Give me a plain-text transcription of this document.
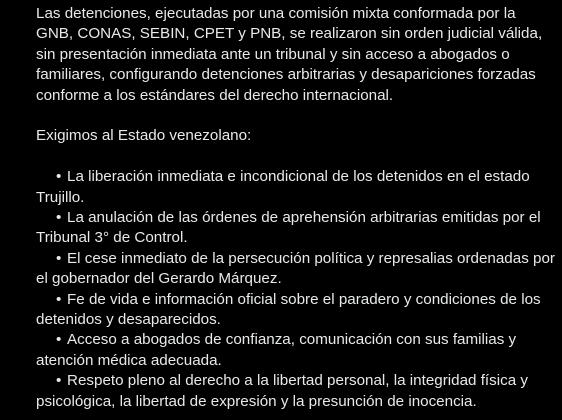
Las detenciones, ejecutadas por una comisión mixta conformada por la
GNB, CONAS, SEBIN, CPET y PNB, se realizaron sin orden judicial válida,
sin presentación inmediata ante un tribunal y sin acceso a abogados o
familiares, configurando detenciones arbitrarias y desapariciones forzadas
conforme a los estándares del derecho internacional.
Exigimos al Estado venezolano:
• La liberación inmediata e incondicional de los detenidos en el estado
Trujillo.
• La anulación de las órdenes de aprehensión arbitrarias emitidas por el
Tribunal 3° de Control.
• El cese inmediato de la persecución política y represalias ordenadas por
el gobernador del Gerardo Márquez.
• Fe de vida e información oficial sobre el paradero y condiciones de los
detenidos y desaparecidos.
• Acceso a abogados de confianza, comunicación con sus familias y
atención médica adecuada.
• Respeto pleno al derecho a la libertad personal, la integridad física y
psicológica, la libertad de expresión y la presunción de inocencia.
